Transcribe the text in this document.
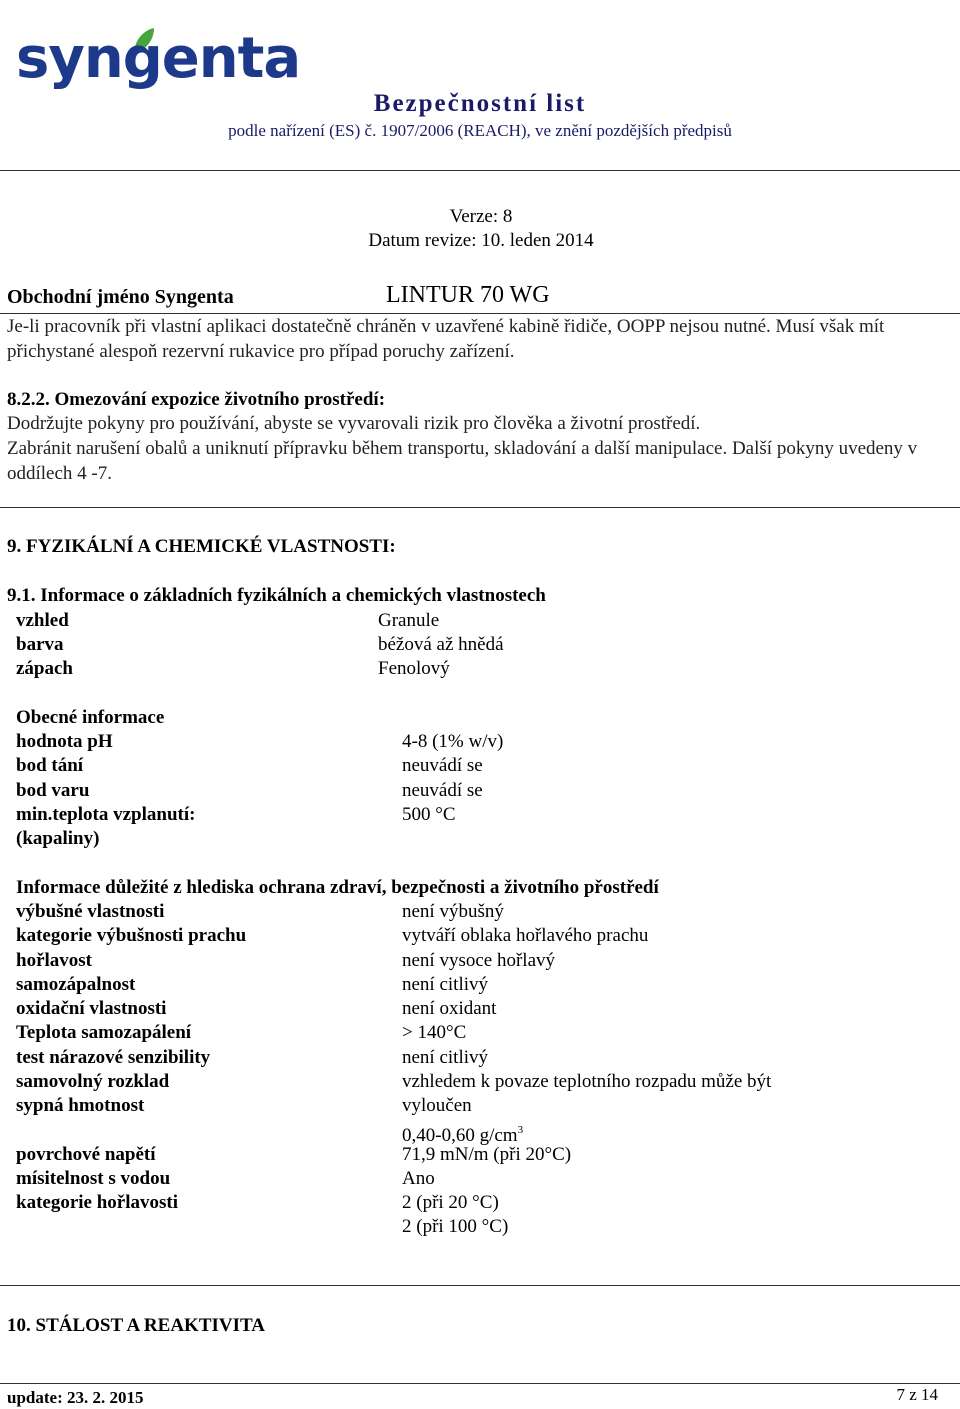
syngenta
Bezpečnostní list
podle nařízení (ES) č. 1907/2006 (REACH), ve znění pozdějších předpisů
Verze: 8
Datum revize: 10. leden 2014
Obchodní jméno Syngenta	LINTUR 70 WG
Je-li pracovník při vlastní aplikaci dostatečně chráněn v uzavřené kabině řidiče, OOPP nejsou nutné. Musí však mít přichystané alespoň rezervní rukavice pro případ poruchy zařízení.
8.2.2. Omezování expozice životního prostředí:
Dodržujte pokyny pro používání, abyste se vyvarovali rizik pro člověka a životní prostředí.
Zabránit narušení obalů a uniknutí přípravku během transportu, skladování a další manipulace. Další pokyny uvedeny v oddílech 4 -7.
9. FYZIKÁLNÍ A CHEMICKÉ VLASTNOSTI:
9.1. Informace o základních fyzikálních a chemických vlastnostech
vzhled	Granule
barva	béžová až hnědá
zápach	Fenolový
Obecné informace
hodnota pH	4-8 (1% w/v)
bod tání	neuvádí se
bod varu	neuvádí se
min.teplota vzplanutí:	500 °C
(kapaliny)
Informace důležité z hlediska ochrana zdraví, bezpečnosti a životního přostředí
výbušné vlastnosti	není výbušný
kategorie výbušnosti prachu	vytváří oblaka hořlavého prachu
hořlavost	není vysoce hořlavý
samozápalnost	není citlivý
oxidační vlastnosti	není oxidant
Teplota samozapálení	> 140°C
test nárazové senzibility	není citlivý
samovolný rozklad	vzhledem k povaze teplotního rozpadu může být
sypná hmotnost	vyloučen
0,40-0,60 $g/cm^3$
povrchové napětí	71,9 mN/m (při 20°C)
mísitelnost s vodou	Ano
kategorie hořlavosti	2 (při 20 °C)
2 (při 100 °C)
10. STÁLOST A REAKTIVITA
update: 23. 2. 2015	7 z 14
